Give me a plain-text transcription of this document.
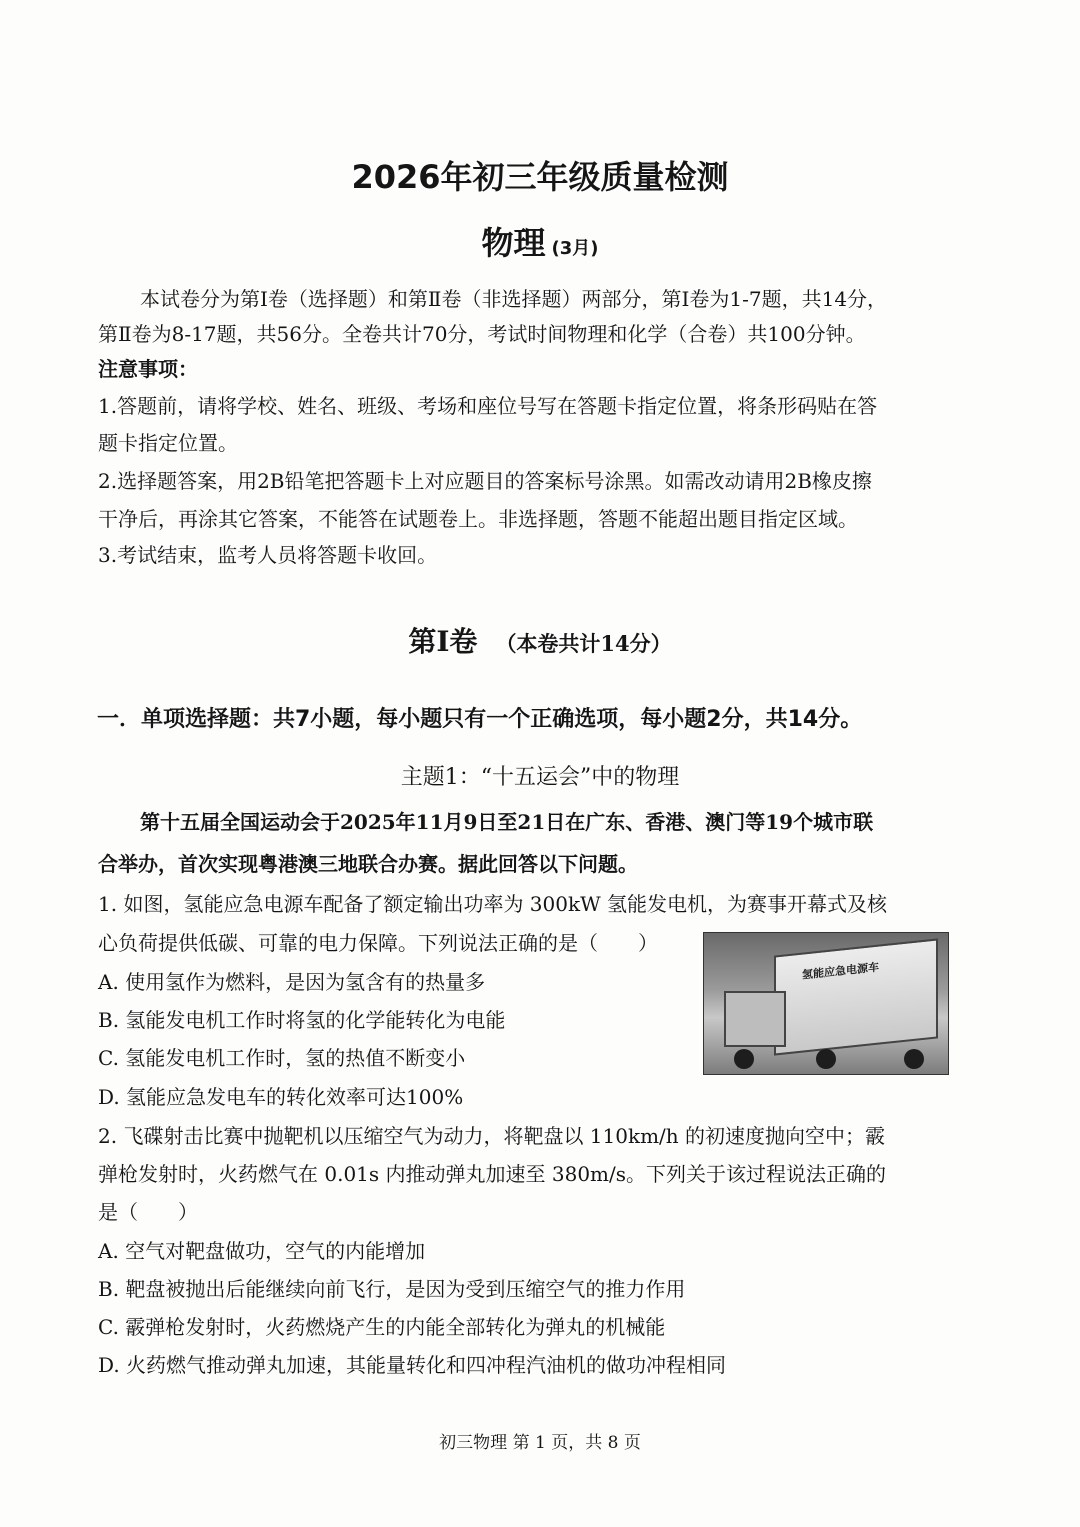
2026年初三年级质量检测
物理 (3月)
本试卷分为第Ⅰ卷（选择题）和第Ⅱ卷（非选择题）两部分，第Ⅰ卷为1-7题，共14分，
第Ⅱ卷为8-17题，共56分。全卷共计70分，考试时间物理和化学（合卷）共100分钟。
注意事项：
1.答题前，请将学校、姓名、班级、考场和座位号写在答题卡指定位置，将条形码贴在答
题卡指定位置。
2.选择题答案，用2B铅笔把答题卡上对应题目的答案标号涂黑。如需改动请用2B橡皮擦
干净后，再涂其它答案，不能答在试题卷上。非选择题，答题不能超出题目指定区域。
3.考试结束，监考人员将答题卡收回。
第Ⅰ卷 （本卷共计14分）
一．单项选择题：共7小题，每小题只有一个正确选项，每小题2分，共14分。
主题1：“十五运会”中的物理
第十五届全国运动会于2025年11月9日至21日在广东、香港、澳门等19个城市联
合举办，首次实现粤港澳三地联合办赛。据此回答以下问题。
1. 如图，氢能应急电源车配备了额定输出功率为 300kW 氢能发电机，为赛事开幕式及核
心负荷提供低碳、可靠的电力保障。下列说法正确的是（　　）
A. 使用氢作为燃料，是因为氢含有的热量多
B. 氢能发电机工作时将氢的化学能转化为电能
C. 氢能发电机工作时，氢的热值不断变小
D. 氢能应急发电车的转化效率可达100%
氢能应急电源车
2. 飞碟射击比赛中抛靶机以压缩空气为动力，将靶盘以 110km/h 的初速度抛向空中；霰
弹枪发射时，火药燃气在 0.01s 内推动弹丸加速至 380m/s。下列关于该过程说法正确的
是（　　）
A. 空气对靶盘做功，空气的内能增加
B. 靶盘被抛出后能继续向前飞行，是因为受到压缩空气的推力作用
C. 霰弹枪发射时，火药燃烧产生的内能全部转化为弹丸的机械能
D. 火药燃气推动弹丸加速，其能量转化和四冲程汽油机的做功冲程相同
初三物理 第 1 页，共 8 页
